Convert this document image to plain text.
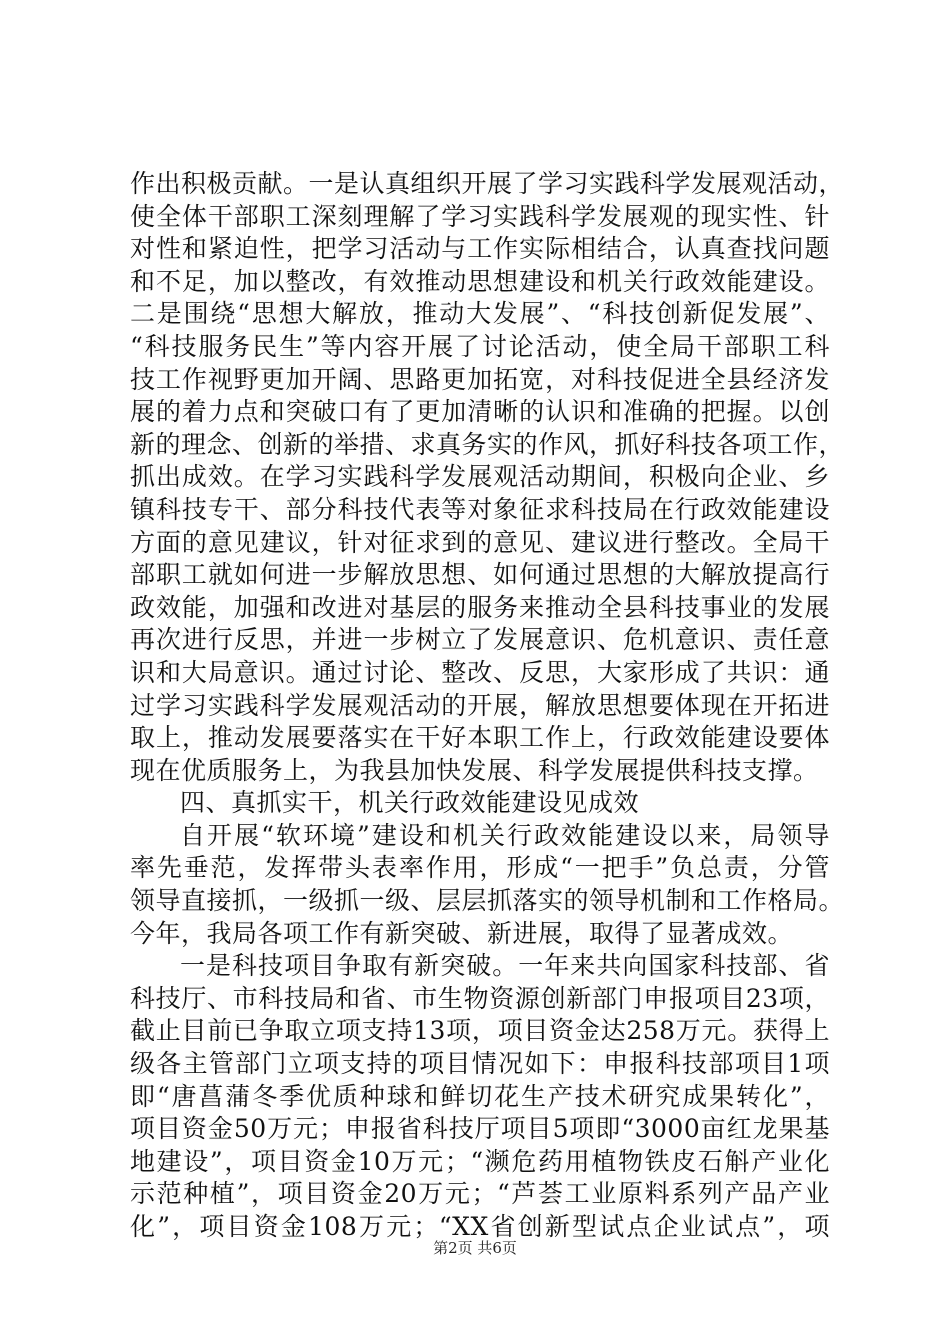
作出积极贡献。一是认真组织开展了学习实践科学发展观活动，
使全体干部职工深刻理解了学习实践科学发展观的现实性、针
对性和紧迫性，把学习活动与工作实际相结合，认真查找问题
和不足，加以整改，有效推动思想建设和机关行政效能建设。
二是围绕“思想大解放，推动大发展”、“科技创新促发展”、
“科技服务民生”等内容开展了讨论活动，使全局干部职工科
技工作视野更加开阔、思路更加拓宽，对科技促进全县经济发
展的着力点和突破口有了更加清晰的认识和准确的把握。以创
新的理念、创新的举措、求真务实的作风，抓好科技各项工作，
抓出成效。在学习实践科学发展观活动期间，积极向企业、乡
镇科技专干、部分科技代表等对象征求科技局在行政效能建设
方面的意见建议，针对征求到的意见、建议进行整改。全局干
部职工就如何进一步解放思想、如何通过思想的大解放提高行
政效能，加强和改进对基层的服务来推动全县科技事业的发展
再次进行反思，并进一步树立了发展意识、危机意识、责任意
识和大局意识。通过讨论、整改、反思，大家形成了共识：通
过学习实践科学发展观活动的开展，解放思想要体现在开拓进
取上，推动发展要落实在干好本职工作上，行政效能建设要体
现在优质服务上，为我县加快发展、科学发展提供科技支撑。
四、真抓实干，机关行政效能建设见成效
自开展“软环境”建设和机关行政效能建设以来，局领导
率先垂范，发挥带头表率作用，形成“一把手”负总责，分管
领导直接抓，一级抓一级、层层抓落实的领导机制和工作格局。
今年，我局各项工作有新突破、新进展，取得了显著成效。
一是科技项目争取有新突破。一年来共向国家科技部、省
科技厅、市科技局和省、市生物资源创新部门申报项目23项，
截止目前已争取立项支持13项，项目资金达258万元。获得上
级各主管部门立项支持的项目情况如下：申报科技部项目1项
即“唐菖蒲冬季优质种球和鲜切花生产技术研究成果转化”，
项目资金50万元；申报省科技厅项目5项即“3000亩红龙果基
地建设”，项目资金10万元；“濒危药用植物铁皮石斛产业化
示范种植”，项目资金20万元；“芦荟工业原料系列产品产业
化”，项目资金108万元；“XX省创新型试点企业试点”，项
第2页 共6页
